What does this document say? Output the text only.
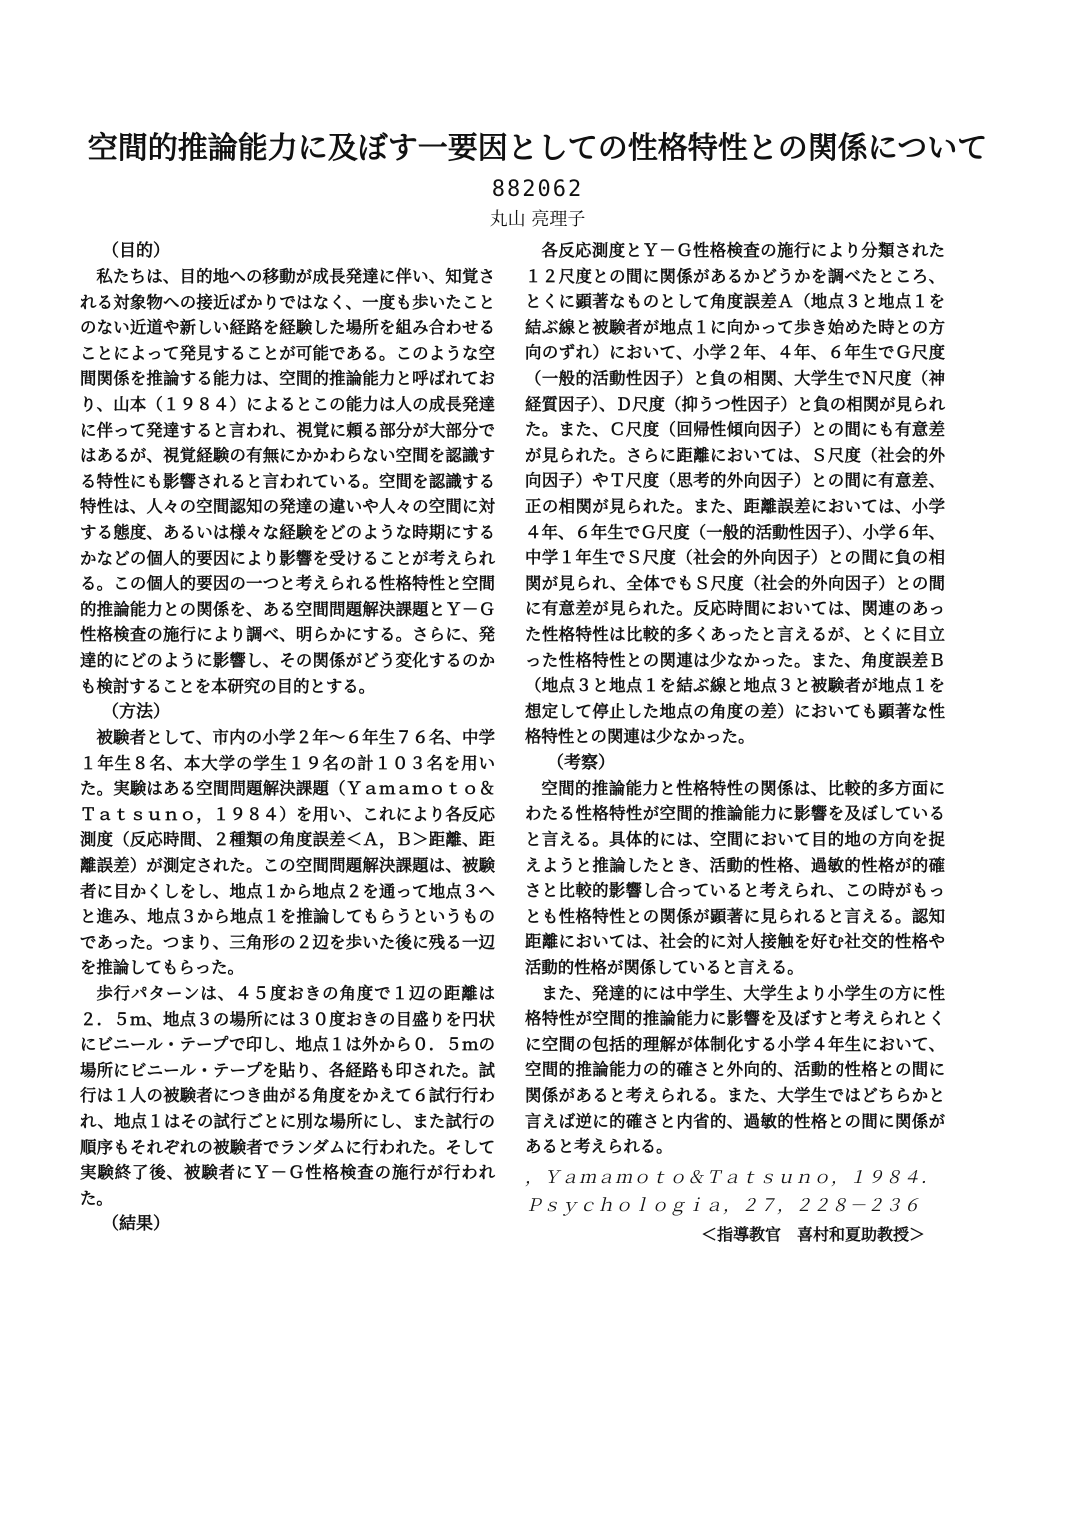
空間的推論能力に及ぼす一要因としての性格特性との関係について
882062
丸山 亮理子
（目的）

私たちは、目的地への移動が成長発達に伴い、知覚される対象物への接近ばかりではなく、一度も歩いたことのない近道や新しい経路を経験した場所を組み合わせることによって発見することが可能である。このような空間関係を推論する能力は、空間的推論能力と呼ばれており、山本（１９８４）によるとこの能力は人の成長発達に伴って発達すると言われ、視覚に頼る部分が大部分ではあるが、視覚経験の有無にかかわらない空間を認識する特性にも影響されると言われている。空間を認識する特性は、人々の空間認知の発達の違いや人々の空間に対する態度、あるいは様々な経験をどのような時期にするかなどの個人的要因により影響を受けることが考えられる。この個人的要因の一つと考えられる性格特性と空間的推論能力との関係を、ある空間問題解決課題とＹ－Ｇ性格検査の施行により調べ、明らかにする。さらに、発達的にどのように影響し、その関係がどう変化するのかも検討することを本研究の目的とする。

（方法）

被験者として、市内の小学２年～６年生７６名、中学１年生８名、本大学の学生１９名の計１０３名を用いた。実験はある空間問題解決課題（Ｙａｍａｍｏｔｏ＆Ｔａｔｓｕｎｏ，１９８４）を用い、これにより各反応測度（反応時間、２種類の角度誤差＜Ａ，Ｂ＞距離、距離誤差）が測定された。この空間問題解決課題は、被験者に目かくしをし、地点１から地点２を通って地点３へと進み、地点３から地点１を推論してもらうというものであった。つまり、三角形の２辺を歩いた後に残る一辺を推論してもらった。

歩行パターンは、４５度おきの角度で１辺の距離は２．５ｍ、地点３の場所には３０度おきの目盛りを円状にビニール・テープで印し、地点１は外から０．５ｍの場所にビニール・テープを貼り、各経路も印された。試行は１人の被験者につき曲がる角度をかえて６試行行われ、地点１はその試行ごとに別な場所にし、また試行の順序もそれぞれの被験者でランダムに行われた。そして実験終了後、被験者にＹ－Ｇ性格検査の施行が行われた。

（結果）

各反応測度とＹ－Ｇ性格検査の施行により分類された１２尺度との間に関係があるかどうかを調べたところ、とくに顕著なものとして角度誤差Ａ（地点３と地点１を結ぶ線と被験者が地点１に向かって歩き始めた時との方向のずれ）において、小学２年、４年、６年生でＧ尺度（一般的活動性因子）と負の相関、大学生でＮ尺度（神経質因子）、Ｄ尺度（抑うつ性因子）と負の相関が見られた。また、Ｃ尺度（回帰性傾向因子）との間にも有意差が見られた。さらに距離においては、Ｓ尺度（社会的外向因子）やＴ尺度（思考的外向因子）との間に有意差、正の相関が見られた。また、距離誤差においては、小学４年、６年生でＧ尺度（一般的活動性因子）、小学６年、中学１年生でＳ尺度（社会的外向因子）との間に負の相関が見られ、全体でもＳ尺度（社会的外向因子）との間に有意差が見られた。反応時間においては、関連のあった性格特性は比較的多くあったと言えるが、とくに目立った性格特性との関連は少なかった。また、角度誤差Ｂ（地点３と地点１を結ぶ線と地点３と被験者が地点１を想定して停止した地点の角度の差）においても顕著な性格特性との関連は少なかった。

（考察）

空間的推論能力と性格特性の関係は、比較的多方面にわたる性格特性が空間的推論能力に影響を及ぼしていると言える。具体的には、空間において目的地の方向を捉えようと推論したとき、活動的性格、過敏的性格が的確さと比較的影響し合っていると考えられ、この時がもっとも性格特性との関係が顕著に見られると言える。認知距離においては、社会的に対人接触を好む社交的性格や活動的性格が関係していると言える。

また、発達的には中学生、大学生より小学生の方に性格特性が空間的推論能力に影響を及ぼすと考えられとくに空間の包括的理解が体制化する小学４年生において、空間的推論能力の的確さと外向的、活動的性格との間に関係があると考えられる。また、大学生ではどちらかと言えば逆に的確さと内省的、過敏的性格との間に関係があると考えられる。

，Ｙａｍａｍｏｔｏ＆Ｔａｔｓｕｎｏ，１９８４．Ｐｓｙｃｈｏｌｏｇｉａ，２７，２２８－２３６
＜指導教官　喜村和夏助教授＞
